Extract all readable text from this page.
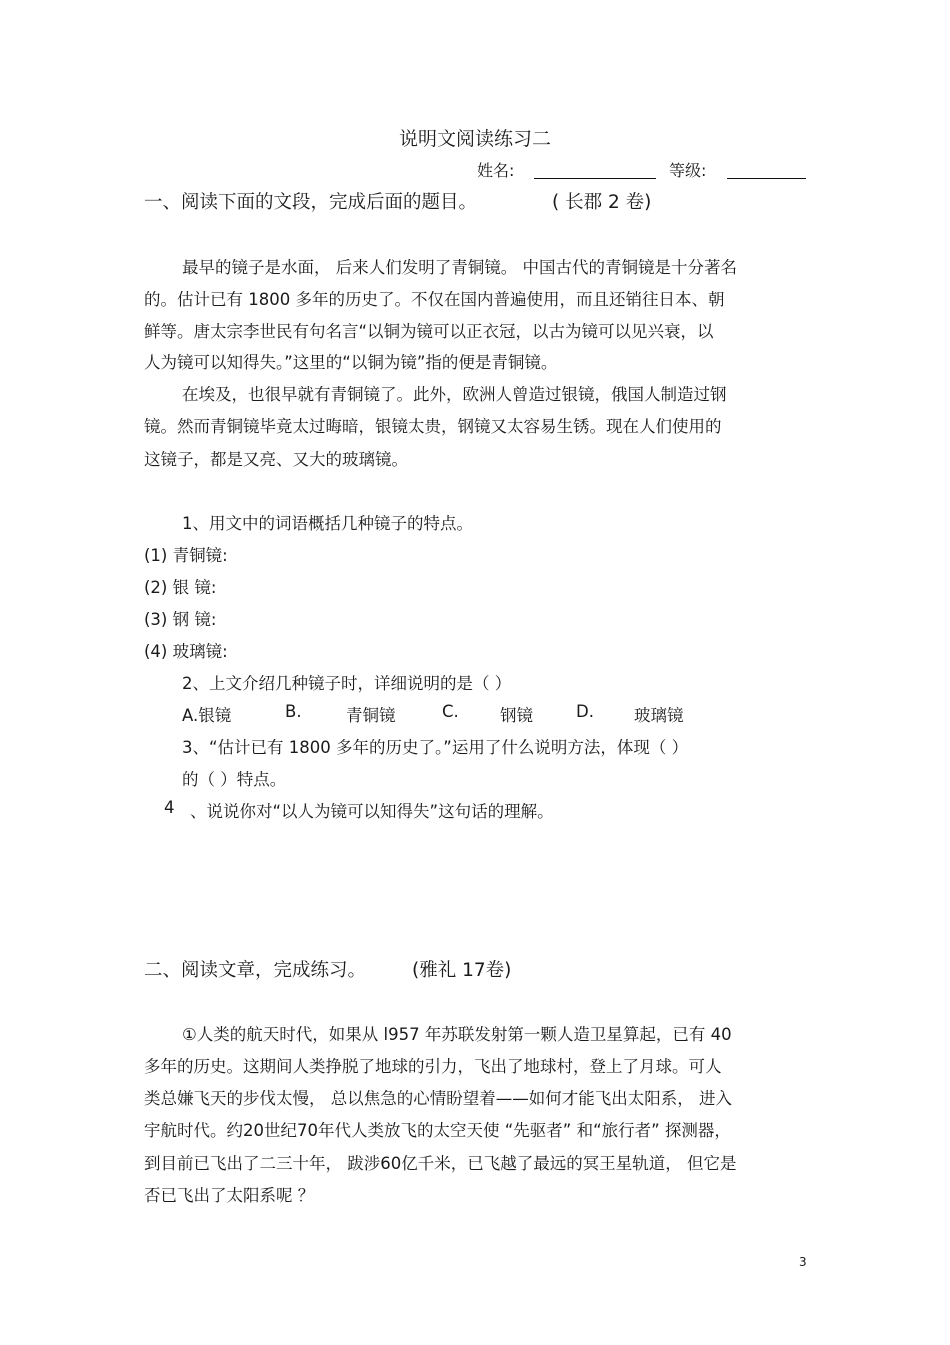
说明文阅读练习二
姓名:	等级:
一、阅读下面的文段，完成后面的题目。	( 长郡 2 卷)
最早的镜子是水面， 后来人们发明了青铜镜。 中国古代的青铜镜是十分著名
的。估计已有 1800 多年的历史了。不仅在国内普遍使用，而且还销往日本、朝
鲜等。唐太宗李世民有句名言“以铜为镜可以正衣冠，以古为镜可以见兴衰，以
人为镜可以知得失。”这里的“以铜为镜”指的便是青铜镜。
在埃及，也很早就有青铜镜了。此外，欧洲人曾造过银镜，俄国人制造过钢
镜。然而青铜镜毕竟太过晦暗，银镜太贵，钢镜又太容易生锈。现在人们使用的
这镜子，都是又亮、又大的玻璃镜。
1、用文中的词语概括几种镜子的特点。
(1) 青铜镜:
(2) 银 镜:
(3) 钢 镜:
(4) 玻璃镜:
2、上文介绍几种镜子时，详细说明的是（ ）
A.银镜	B.	青铜镜	C. 钢镜	D. 玻璃镜
3、“估计已有 1800 多年的历史了。”运用了什么说明方法，体现（ ）
的（ ）特点。
4 、说说你对“以人为镜可以知得失”这句话的理解。
二、阅读文章，完成练习。 (雅礼 17卷)
①人类的航天时代，如果从 l957 年苏联发射第一颗人造卫星算起，已有 40
多年的历史。这期间人类挣脱了地球的引力，飞出了地球村，登上了月球。可人
类总嫌飞天的步伐太慢， 总以焦急的心情盼望着——如何才能飞出太阳系， 进入
宇航时代。约20世纪70年代人类放飞的太空天使 “先驱者” 和“旅行者” 探测器，
到目前已飞出了二三十年， 跋涉60亿千米，已飞越了最远的冥王星轨道， 但它是
否已飞出了太阳系呢 ？
3
